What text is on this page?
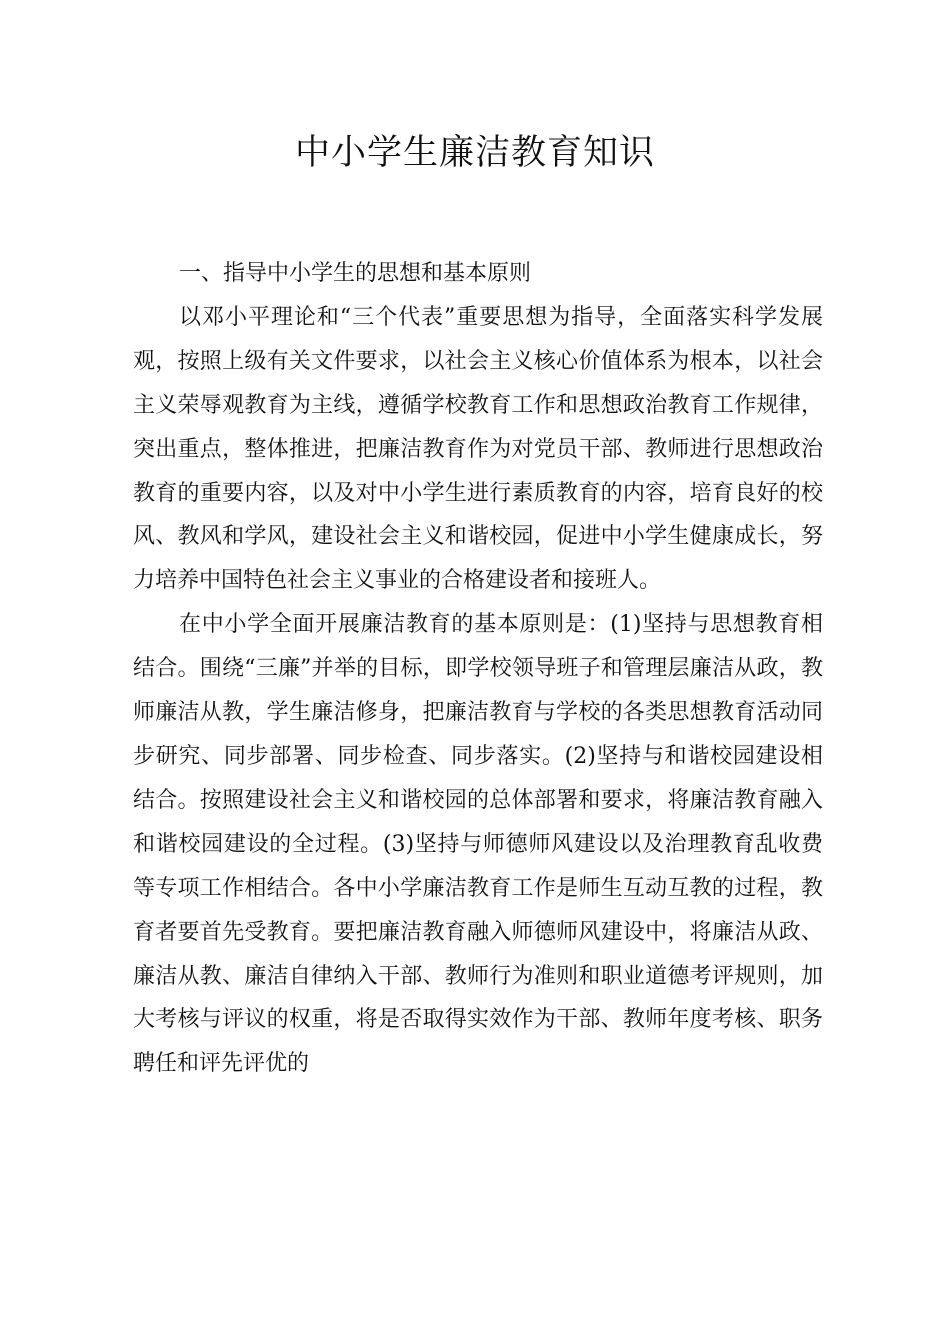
中小学生廉洁教育知识

一、指导中小学生的思想和基本原则

以邓小平理论和“三个代表”重要思想为指导，全面落实科学发展观，按照上级有关文件要求，以社会主义核心价值体系为根本，以社会主义荣辱观教育为主线，遵循学校教育工作和思想政治教育工作规律，突出重点，整体推进，把廉洁教育作为对党员干部、教师进行思想政治教育的重要内容，以及对中小学生进行素质教育的内容，培育良好的校风、教风和学风，建设社会主义和谐校园，促进中小学生健康成长，努力培养中国特色社会主义事业的合格建设者和接班人。

在中小学全面开展廉洁教育的基本原则是：(1)坚持与思想教育相结合。围绕“三廉”并举的目标，即学校领导班子和管理层廉洁从政，教师廉洁从教，学生廉洁修身，把廉洁教育与学校的各类思想教育活动同步研究、同步部署、同步检查、同步落实。(2)坚持与和谐校园建设相结合。按照建设社会主义和谐校园的总体部署和要求，将廉洁教育融入和谐校园建设的全过程。(3)坚持与师德师风建设以及治理教育乱收费等专项工作相结合。各中小学廉洁教育工作是师生互动互教的过程，教育者要首先受教育。要把廉洁教育融入师德师风建设中，将廉洁从政、廉洁从教、廉洁自律纳入干部、教师行为准则和职业道德考评规则，加大考核与评议的权重，将是否取得实效作为干部、教师年度考核、职务聘任和评先评优的
